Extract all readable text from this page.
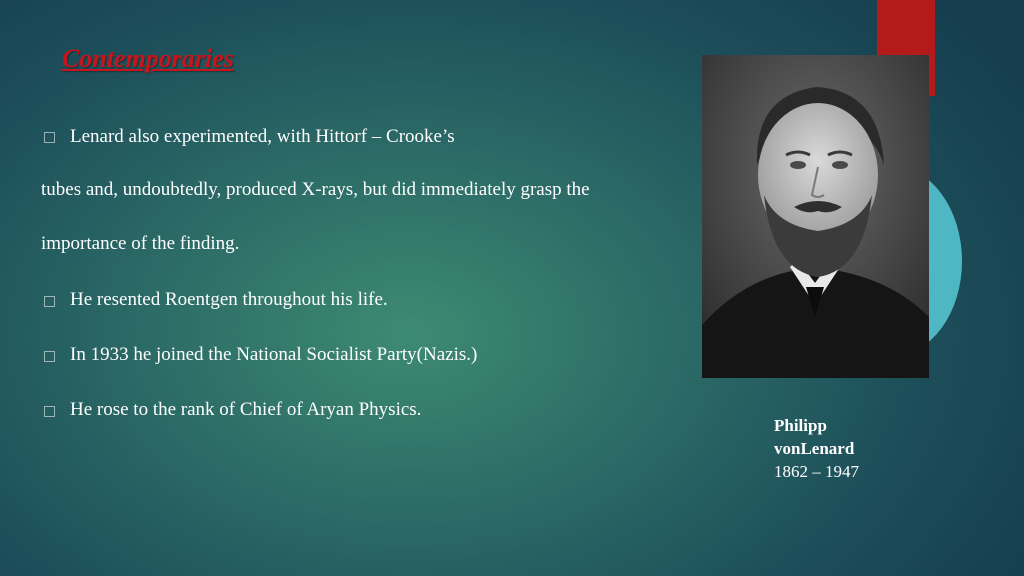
Contemporaries
Lenard also experimented, with Hittorf – Crooke’s
tubes and, undoubtedly, produced X-rays, but did immediately grasp the
importance of the finding.
He resented Roentgen throughout his life.
In 1933 he joined the National Socialist Party(Nazis.)
He rose to the rank of Chief of Aryan Physics.
Philipp
vonLenard
1862 – 1947
